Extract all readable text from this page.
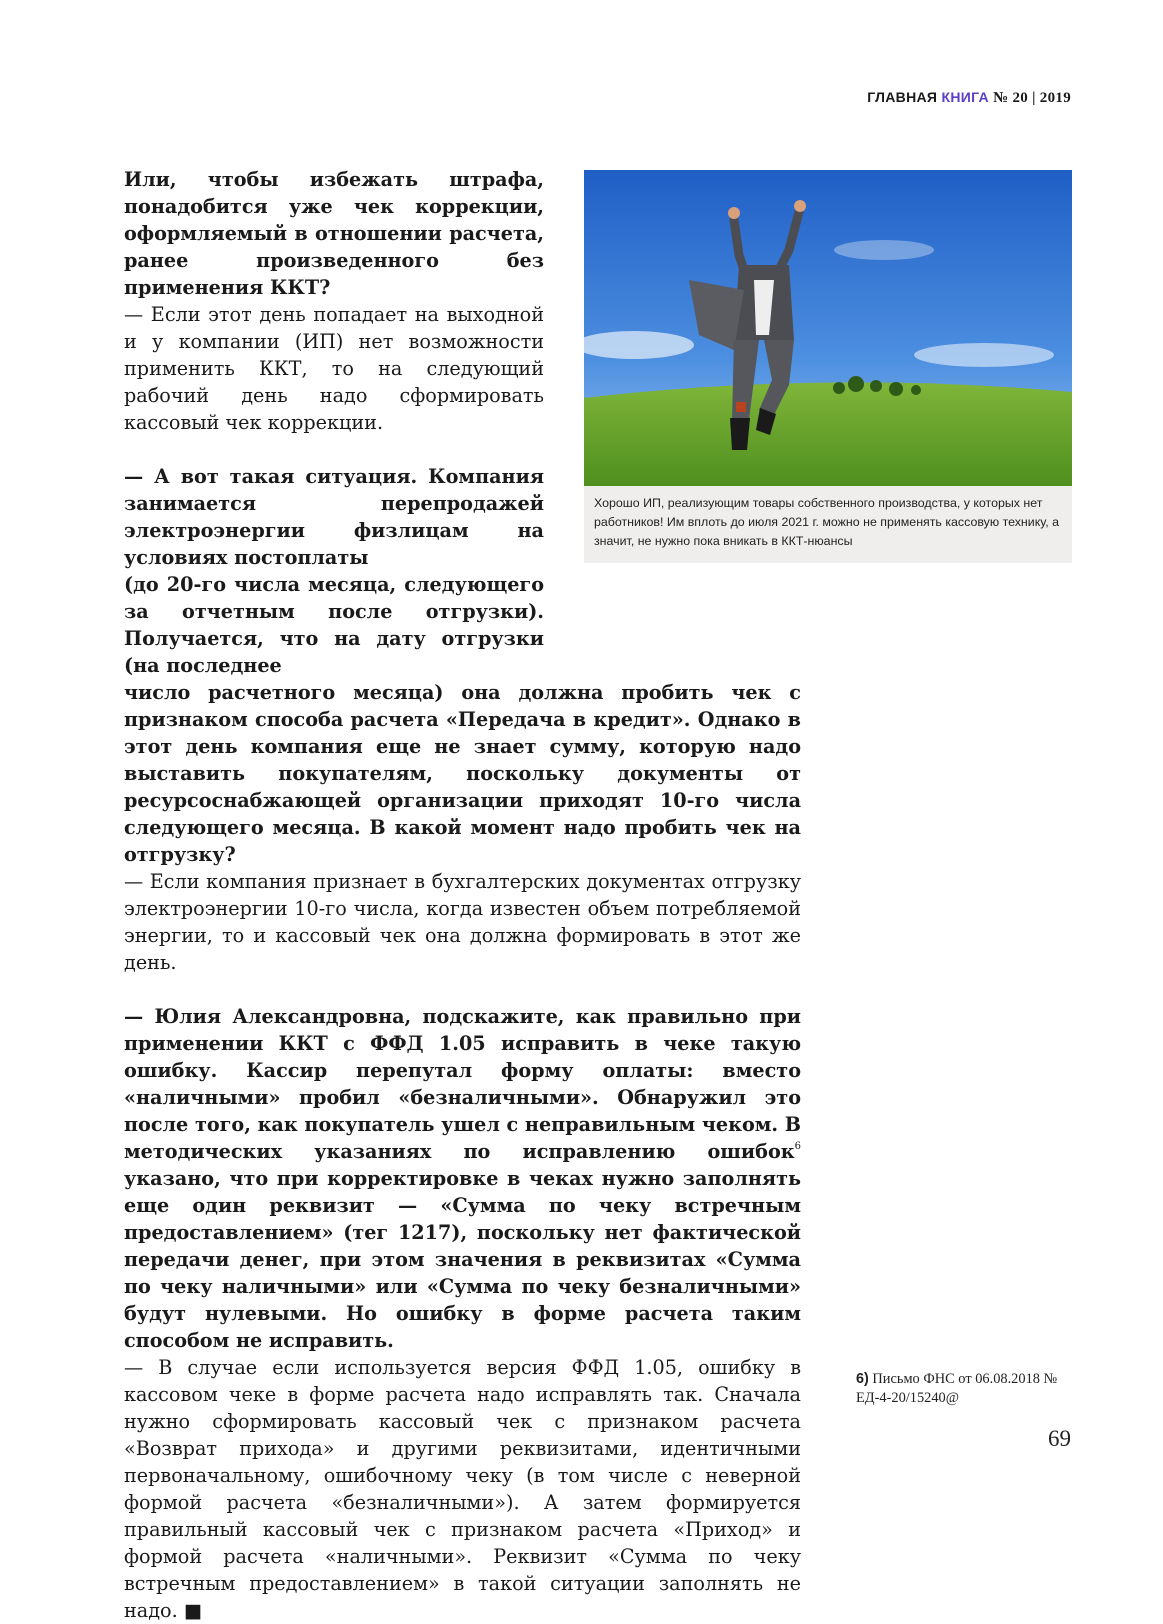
ГЛАВНАЯ КНИГА № 20 | 2019

Или, чтобы избежать штрафа, понадобится уже чек коррекции, оформляемый в отношении расчета, ранее произведенного без применения ККТ?

— Если этот день попадает на выходной и у компании (ИП) нет возможности применить ККТ, то на следующий рабочий день надо сформировать кассовый чек коррекции.

— А вот такая ситуация. Компания занимается перепродажей электроэнергии физлицам на условиях постоплаты

(до 20-го числа месяца, следующего за отчетным после отгрузки). Получается, что на дату отгрузки (на последнее

число расчетного месяца) она должна пробить чек с признаком способа расчета «Передача в кредит». Однако в этот день компания еще не знает сумму, которую надо выставить покупателям, поскольку документы от ресурсоснабжающей организации приходят 10-го числа следующего месяца. В какой момент надо пробить чек на отгрузку?

— Если компания признает в бухгалтерских документах отгрузку электроэнергии 10-го числа, когда известен объем потребляемой энергии, то и кассовый чек она должна формировать в этот же день.

— Юлия Александровна, подскажите, как правильно при применении ККТ с ФФД 1.05 исправить в чеке такую ошибку. Кассир перепутал форму оплаты: вместо «наличными» пробил «безналичными». Обнаружил это после того, как покупатель ушел с неправильным чеком. В методических указаниях по исправлению ошибок$^6$ указано, что при корректировке в чеках нужно заполнять еще один реквизит — «Сумма по чеку встречным предоставлением» (тег 1217), поскольку нет фактической передачи денег, при этом значения в реквизитах «Сумма по чеку наличными» или «Сумма по чеку безналичными» будут нулевыми. Но ошибку в форме расчета таким способом не исправить.

— В случае если используется версия ФФД 1.05, ошибку в кассовом чеке в форме расчета надо исправлять так. Сначала нужно сформировать кассовый чек с признаком расчета «Возврат прихода» и другими реквизитами, идентичными первоначальному, ошибочному чеку (в том числе с неверной формой расчета «безналичными»). А затем формируется правильный кассовый чек с признаком расчета «Приход» и формой расчета «наличными». Реквизит «Сумма по чеку встречным предоставлением» в такой ситуации заполнять не надо. ■

Хорошо ИП, реализующим товары собственного производства, у которых нет работников! Им вплоть до июля 2021 г. можно не применять кассовую технику, а значит, не нужно пока вникать в ККТ-нюансы
6) Письмо ФНС от 06.08.2018 № ЕД-4-20/15240@
69
